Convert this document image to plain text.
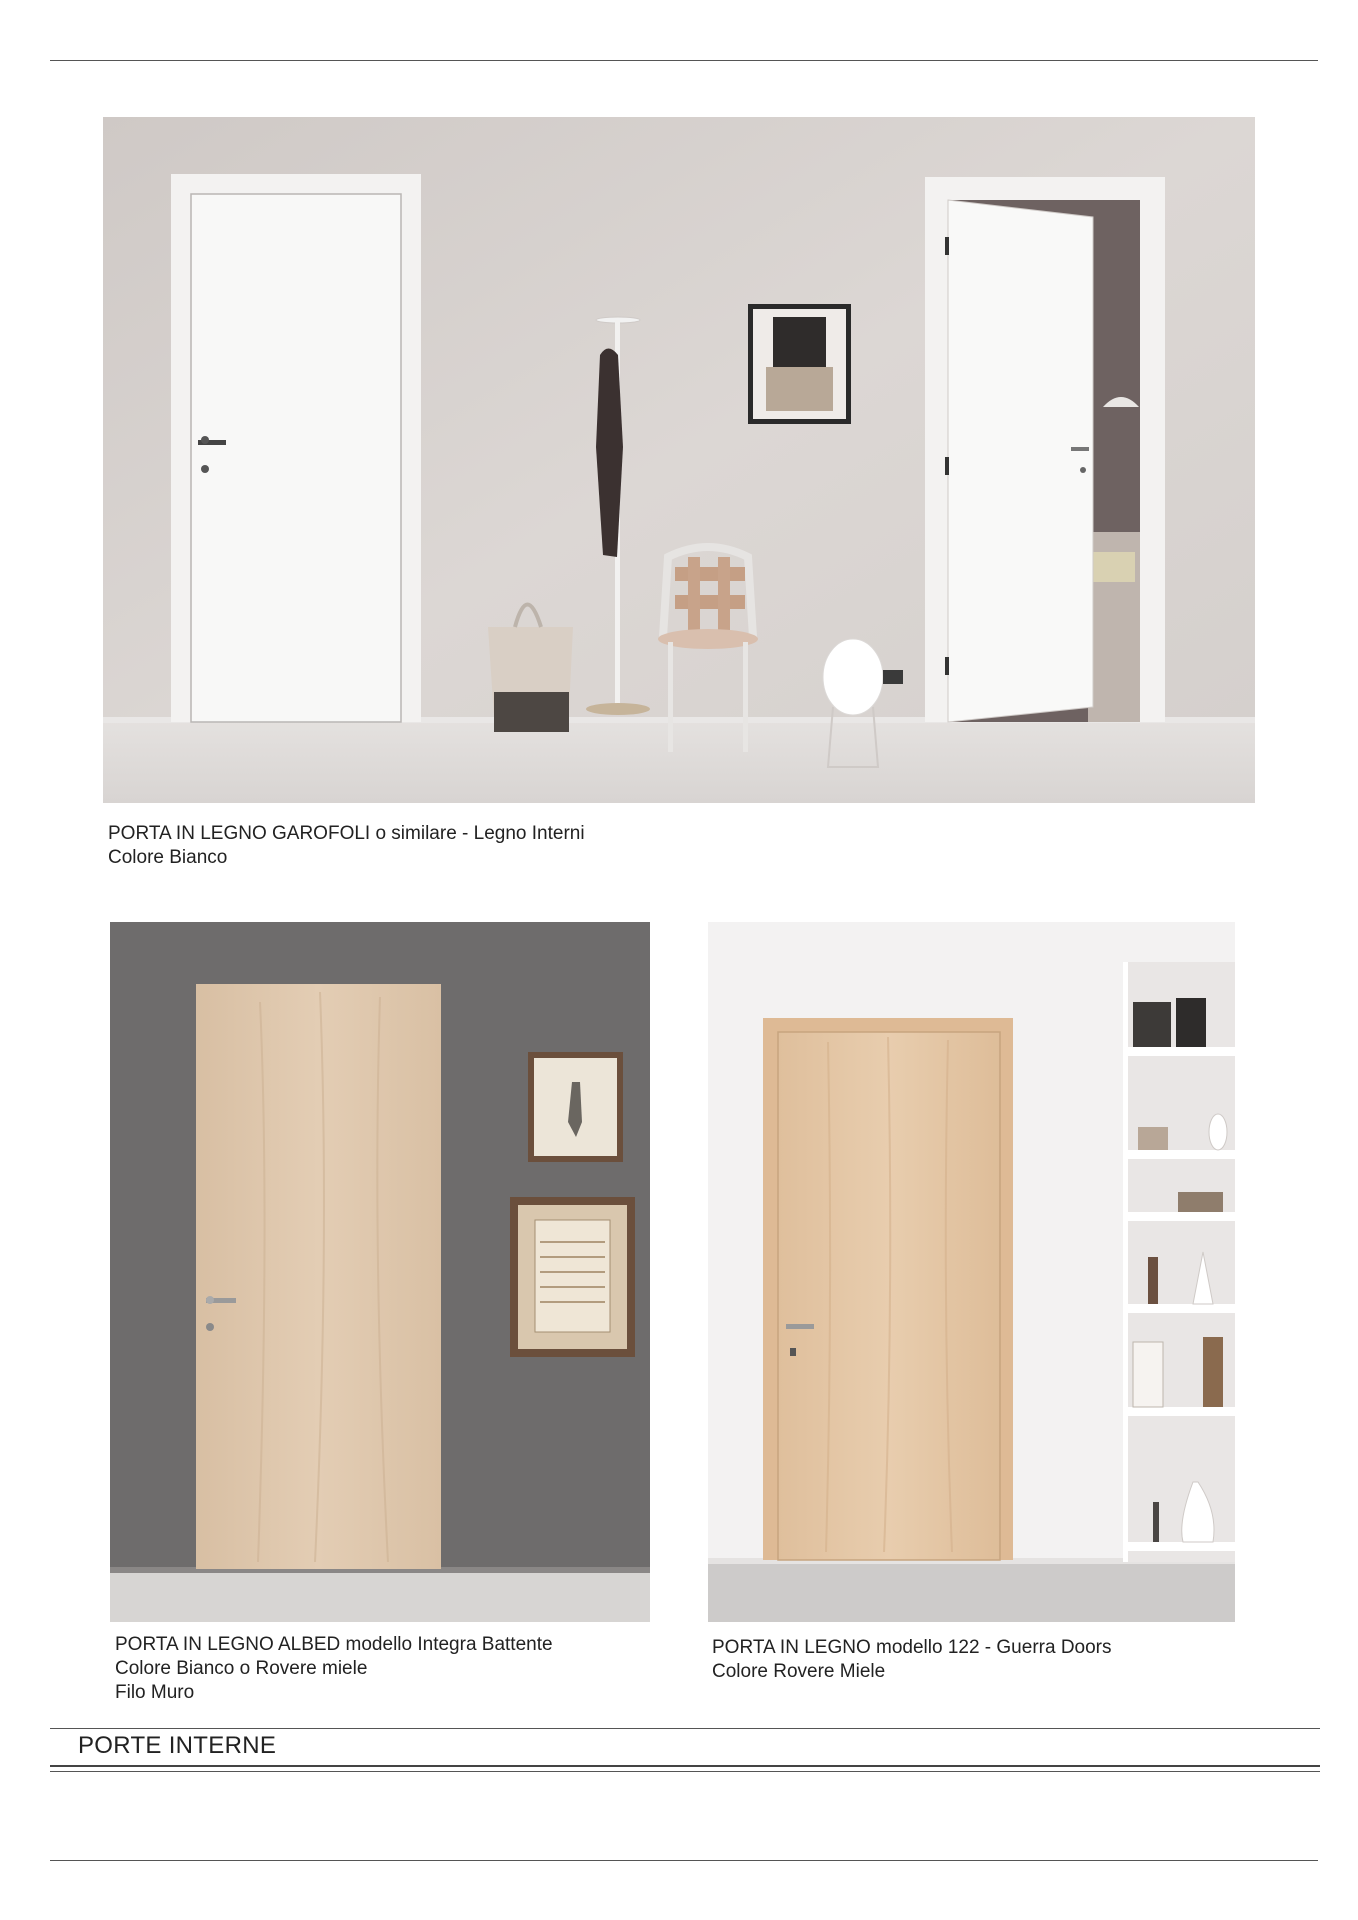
PORTA IN LEGNO GAROFOLI o similare - Legno Interni
Colore Bianco
PORTA IN LEGNO ALBED modello Integra Battente
Colore Bianco o Rovere miele
Filo Muro
PORTA IN LEGNO modello 122 - Guerra Doors
Colore Rovere Miele
PORTE INTERNE
